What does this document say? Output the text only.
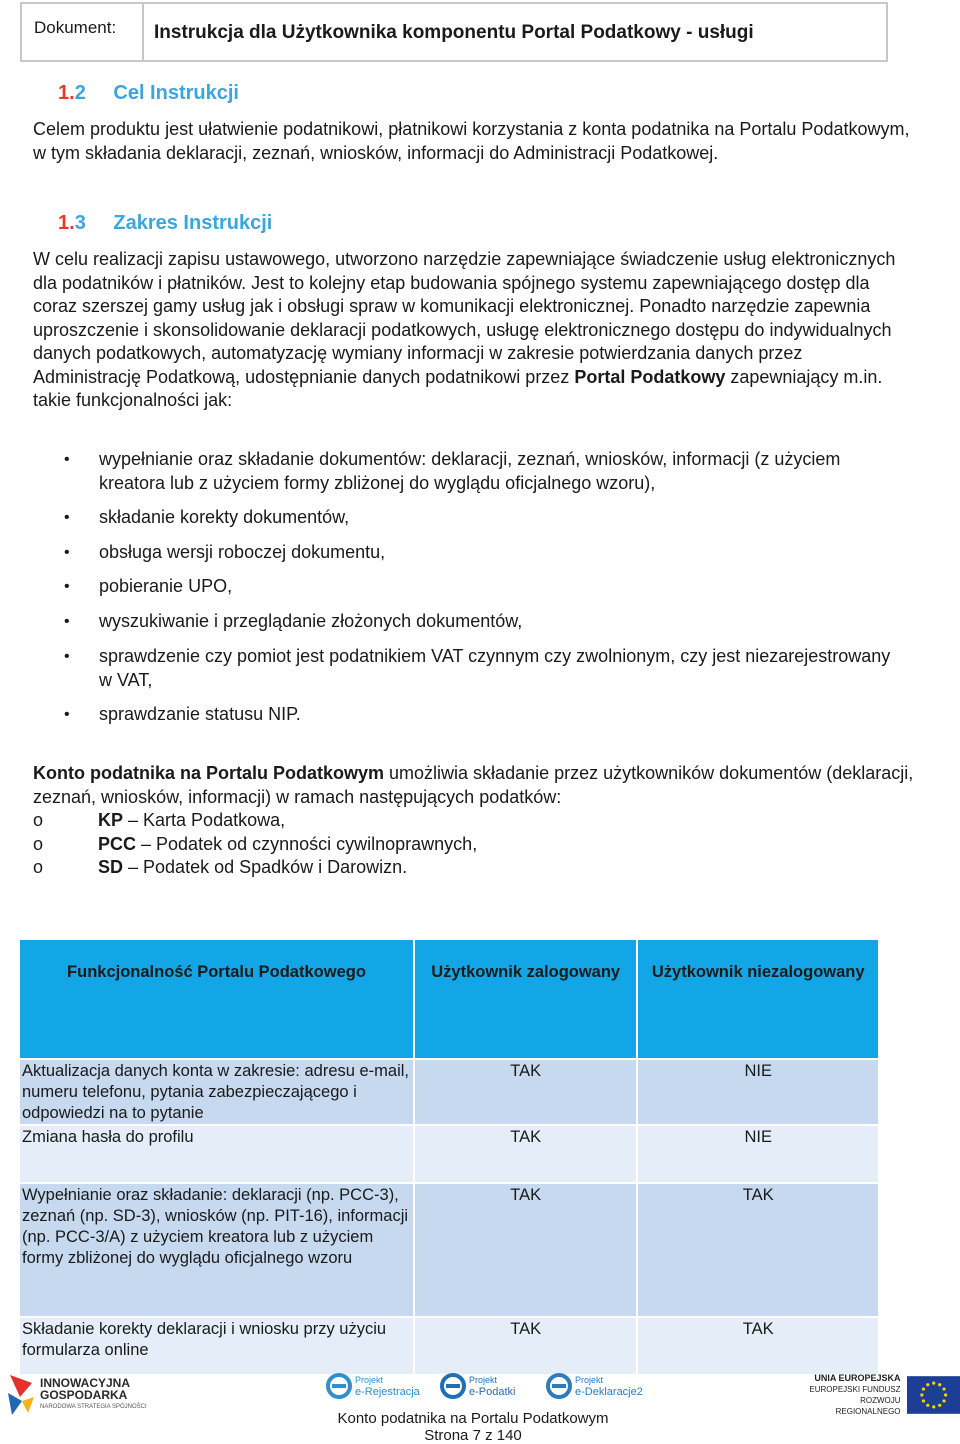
Dokument:	Instrukcja dla Użytkownika komponentu Portal Podatkowy - usługi
1.2 Cel Instrukcji
Celem produktu jest ułatwienie podatnikowi, płatnikowi korzystania z konta podatnika na Portalu Podatkowym, w tym składania deklaracji, zeznań, wniosków, informacji do Administracji Podatkowej.
1.3 Zakres Instrukcji
W celu realizacji zapisu ustawowego, utworzono narzędzie zapewniające świadczenie usług elektronicznych dla podatników i płatników. Jest to kolejny etap budowania spójnego systemu zapewniającego dostęp dla coraz szerszej gamy usług jak i obsługi spraw w komunikacji elektronicznej. Ponadto narzędzie zapewnia uproszczenie i skonsolidowanie deklaracji podatkowych, usługę elektronicznego dostępu do indywidualnych danych podatkowych, automatyzację wymiany informacji w zakresie potwierdzania danych przez Administrację Podatkową, udostępnianie danych podatnikowi przez Portal Podatkowy zapewniający m.in. takie funkcjonalności jak:
• wypełnianie oraz składanie dokumentów: deklaracji, zeznań, wniosków, informacji (z użyciem kreatora lub z użyciem formy zbliżonej do wyglądu oficjalnego wzoru),
• składanie korekty dokumentów,
• obsługa wersji roboczej dokumentu,
• pobieranie UPO,
• wyszukiwanie i przeglądanie złożonych dokumentów,
• sprawdzenie czy pomiot jest podatnikiem VAT czynnym czy zwolnionym, czy jest niezarejestrowany w VAT,
• sprawdzanie statusu NIP.
Konto podatnika na Portalu Podatkowym umożliwia składanie przez użytkowników dokumentów (deklaracji, zeznań, wniosków, informacji) w ramach następujących podatków:
o	KP – Karta Podatkowa,
o	PCC – Podatek od czynności cywilnoprawnych,
o	SD – Podatek od Spadków i Darowizn.
Funkcjonalność Portalu Podatkowego	Użytkownik zalogowany	Użytkownik niezalogowany
Aktualizacja danych konta w zakresie: adresu e-mail, numeru telefonu, pytania zabezpieczającego i odpowiedzi na to pytanie	TAK	NIE
Zmiana hasła do profilu	TAK	NIE
Wypełnianie oraz składanie: deklaracji (np. PCC-3), zeznań (np. SD-3), wniosków (np. PIT-16), informacji (np. PCC-3/A) z użyciem kreatora lub z użyciem formy zbliżonej do wyglądu oficjalnego wzoru	TAK	TAK
Składanie korekty deklaracji i wniosku przy użyciu formularza online	TAK	TAK
INNOWACYJNA
GOSPODARKA
NARODOWA STRATEGIA SPÓJNOŚCI
Projekt
e-Rejestracja
Projekt
e-Podatki
Projekt
e-Deklaracje2
UNIA EUROPEJSKA
EUROPEJSKI FUNDUSZ
ROZWOJU REGIONALNEGO
Konto podatnika na Portalu Podatkowym
Strona 7 z 140
